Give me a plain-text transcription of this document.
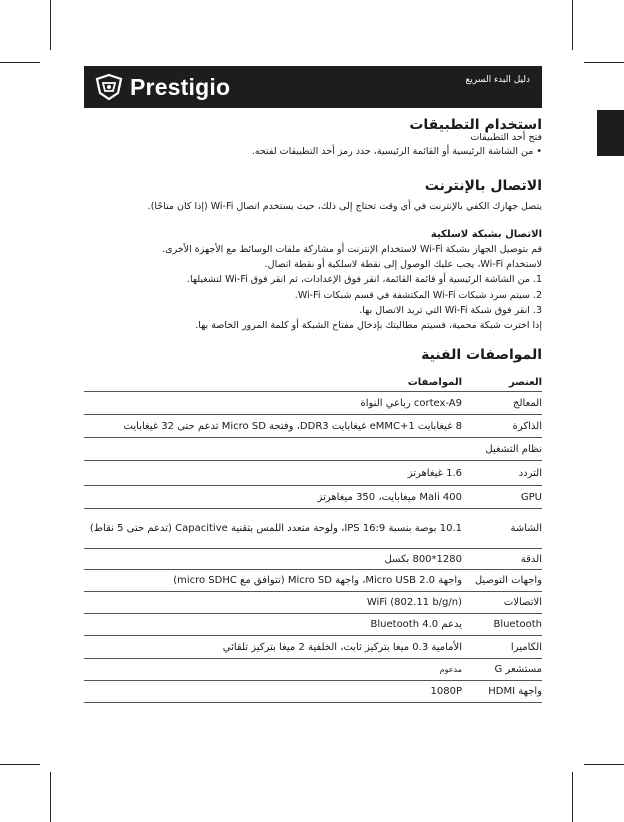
Prestigio	دليل البدء السريع

استخدام التطبيقات

فتح أحد التطبيقات

• من الشاشة الرئيسية أو القائمة الرئيسية، حدد رمز أحد التطبيقات لفتحه.

الاتصال بالإنترنت

يتصل جهازك الكفي بالإنترنت في أي وقت تحتاج إلى ذلك، حيث يستخدم اتصال Wi-Fi (إذا كان متاحًا).

الاتصال بشبكة لاسلكية

قم بتوصيل الجهاز بشبكة Wi-Fi لاستخدام الإنترنت أو مشاركة ملفات الوسائط مع الأجهزة الأخرى.

لاستخدام Wi-Fi، يجب عليك الوصول إلى نقطة لاسلكية أو نقطة اتصال.

1. من الشاشة الرئيسية أو قائمة القائمة، انقر فوق الإعدادات، ثم انقر فوق Wi-Fi لتشغيلها.

2. سيتم سرد شبكات Wi-Fi المكتشفة في قسم شبكات Wi-Fi.

3. انقر فوق شبكة Wi-Fi التي تريد الاتصال بها.

إذا اخترت شبكة محمية، فسيتم مطالبتك بإدخال مفتاح الشبكة أو كلمة المرور الخاصة بها.

المواصفات الفنية

العنصر	المواصفات
المعالج	cortex-A9 رباعي النواة
الذاكرة	8 غيغابايت eMMC+1 غيغابايت DDR3، وفتحة Micro SD تدعم حتى 32 غيغابايت
نظام التشغيل	
التردد	1.6 غيغاهرتز
GPU	Mali 400 ميغابايت، 350 ميغاهرتز
الشاشة	10.1 بوصة بنسبة IPS 16:9، ولوحة متعدد اللمس بتقنية Capacitive (تدعم حتى 5 نقاط)
الدقة	1280*800 بكسل
واجهات التوصيل	واجهة Micro USB 2.0، واجهة Micro SD (تتوافق مع micro SDHC)
الاتصالات	WiFi (802.11 b/g/n)
Bluetooth	يدعم Bluetooth 4.0
الكاميرا	الأمامية 0.3 ميغا بتركيز ثابت، الخلفية 2 ميغا بتركيز تلقائي
مستشعر G	مدعوم
واجهة HDMI	1080P
